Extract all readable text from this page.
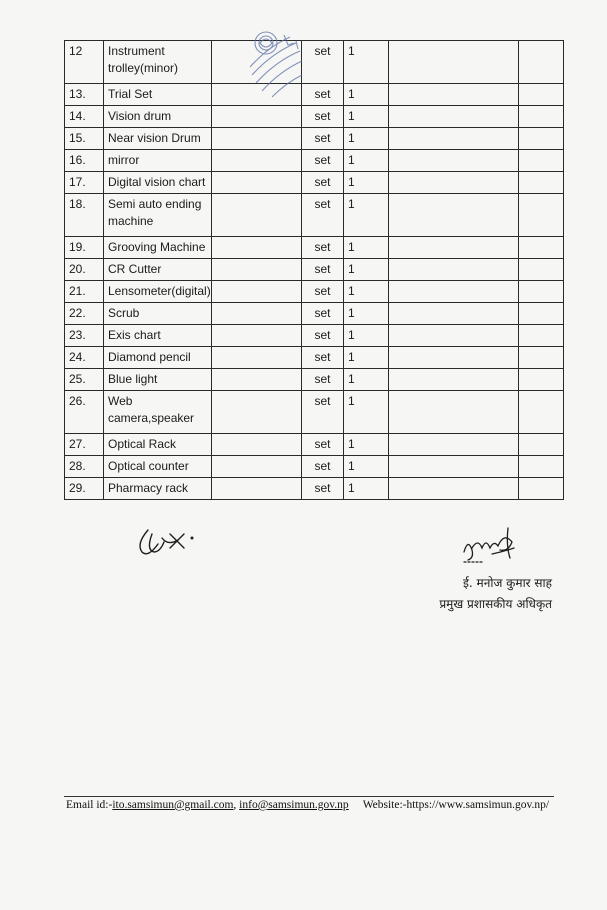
12	Instrument trolley(minor)		set	1		
13.	Trial Set		set	1		
14.	Vision drum		set	1		
15.	Near vision Drum		set	1		
16.	mirror		set	1		
17.	Digital vision chart		set	1		
18.	Semi auto ending machine		set	1		
19.	Grooving Machine		set	1		
20.	CR Cutter		set	1		
21.	Lensometer(digital)		set	1		
22.	Scrub		set	1		
23.	Exis chart		set	1		
24.	Diamond pencil		set	1		
25.	Blue light		set	1		
26.	Web camera,speaker		set	1		
27.	Optical Rack		set	1		
28.	Optical counter		set	1		
29.	Pharmacy rack		set	1		
ई. मनोज कुमार साह
प्रमुख प्रशासकीय अधिकृत
Email id:-ito.samsimun@gmail.com, info@samsimun.gov.np Website:-https://www.samsimun.gov.np/
